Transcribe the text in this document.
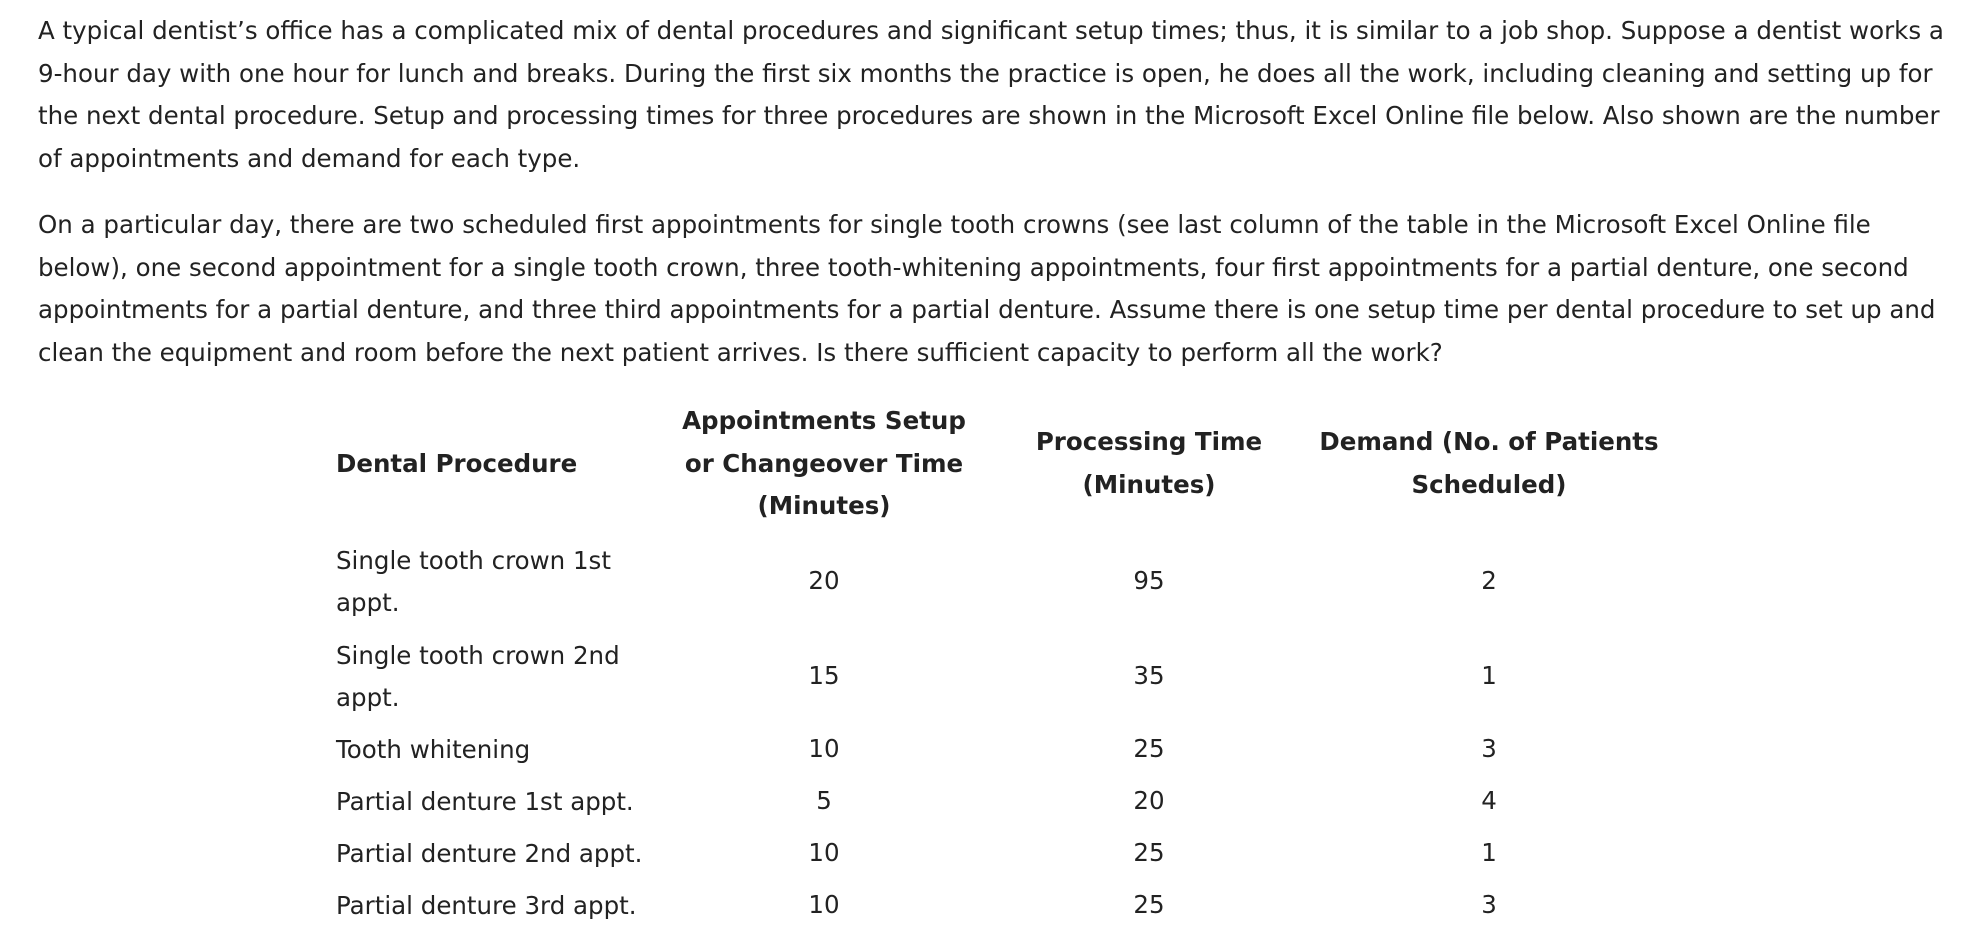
A typical dentist’s office has a complicated mix of dental procedures and significant setup times; thus, it is similar to a job shop. Suppose a dentist works a 9-hour day with one hour for lunch and breaks. During the first six months the practice is open, he does all the work, including cleaning and setting up for the next dental procedure. Setup and processing times for three procedures are shown in the Microsoft Excel Online file below. Also shown are the number of appointments and demand for each type.

On a particular day, there are two scheduled first appointments for single tooth crowns (see last column of the table in the Microsoft Excel Online file below), one second appointment for a single tooth crown, three tooth-whitening appointments, four first appointments for a partial denture, one second appointments for a partial denture, and three third appointments for a partial denture. Assume there is one setup time per dental procedure to set up and clean the equipment and room before the next patient arrives. Is there sufficient capacity to perform all the work?

Dental Procedure	Appointments Setup or Changeover Time (Minutes)	Processing Time (Minutes)	Demand (No. of Patients Scheduled)
Single tooth crown 1st appt.	20	95	2
Single tooth crown 2nd appt.	15	35	1
Tooth whitening	10	25	3
Partial denture 1st appt.	5	20	4
Partial denture 2nd appt.	10	25	1
Partial denture 3rd appt.	10	25	3
